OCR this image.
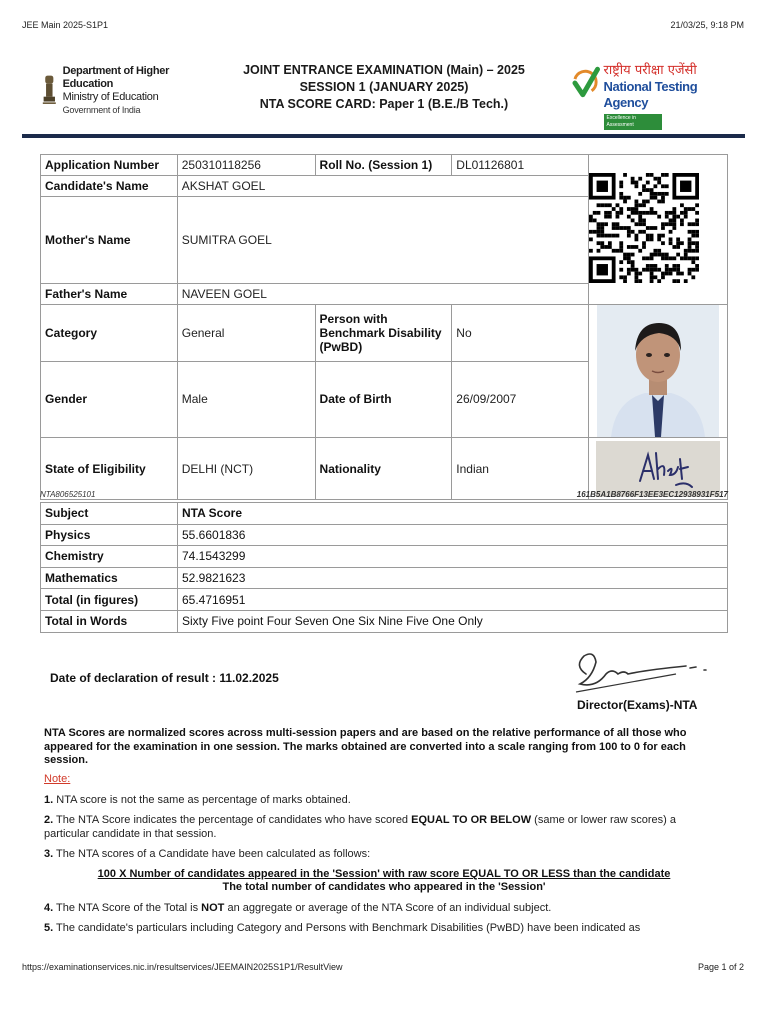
JEE Main 2025-S1P1	21/03/25, 9:18 PM
Department of Higher Education
Ministry of Education
Government of India
JOINT ENTRANCE EXAMINATION (Main) – 2025
SESSION 1 (JANUARY 2025)
NTA SCORE CARD: Paper 1 (B.E./B Tech.)
राष्ट्रीय परीक्षा एजेंसी
National Testing Agency
Excellence in Assessment
Application Number	250310118256	Roll No. (Session 1)	DL01126801	
Candidate's Name	AKSHAT GOEL			
Mother's Name	SUMITRA GOEL			
Father's Name	NAVEEN GOEL			
Category	General	Person with Benchmark Disability (PwBD)	No	

Gender	Male	Date of Birth	26/09/2007	
State of Eligibility	DELHI (NCT)	Nationality	Indian	
NTA806525101	161B5A1B8766F13EE3EC12938931F517
Subject	NTA Score
Physics	55.6601836
Chemistry	74.1543299
Mathematics	52.9821623
Total (in figures)	65.4716951
Total in Words	Sixty Five point Four Seven One Six Nine Five One Only
Date of declaration of result : 11.02.2025
Director(Exams)-NTA
NTA Scores are normalized scores across multi-session papers and are based on the relative performance of all those who appeared for the examination in one session. The marks obtained are converted into a scale ranging from 100 to 0 for each session.
Note:
1. NTA score is not the same as percentage of marks obtained.
2. The NTA Score indicates the percentage of candidates who have scored EQUAL TO OR BELOW (same or lower raw scores) a particular candidate in that session.
3. The NTA scores of a Candidate have been calculated as follows:
100 X Number of candidates appeared in the 'Session' with raw score EQUAL TO OR LESS than the candidate
The total number of candidates who appeared in the 'Session'
4. The NTA Score of the Total is NOT an aggregate or average of the NTA Score of an individual subject.
5. The candidate's particulars including Category and Persons with Benchmark Disabilities (PwBD) have been indicated as
https://examinationservices.nic.in/resultservices/JEEMAIN2025S1P1/ResultView	Page 1 of 2
